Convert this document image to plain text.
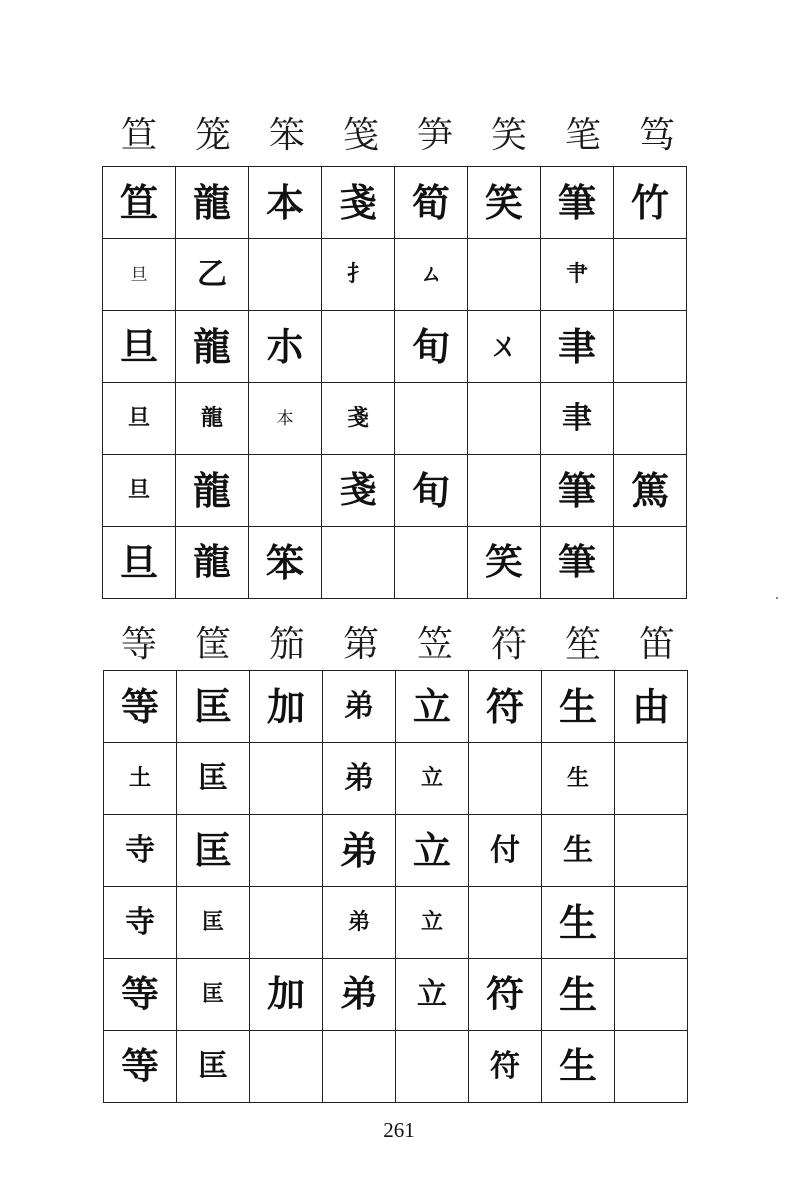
笪	笼	笨	笺	笋	笑	笔	笃
笪	龍	本	戔	筍	笑	筆	竹
旦	乙		扌	ㄙ		肀	
旦	龍	朩		旬	ㄨ	聿	
旦	龍	本	戔			聿	
旦	龍		戔	旬		筆	篤
旦	龍	笨			笑	筆	
等	筐	笳	第	笠	符	笙	笛
等	匡	加	弟	立	符	生	由
土	匡		弟	立		生	
寺	匡		弟	立	付	生	
寺	匡		弟	立		生	
等	匡	加	弟	立	符	生	
等	匡				符	生	
261
